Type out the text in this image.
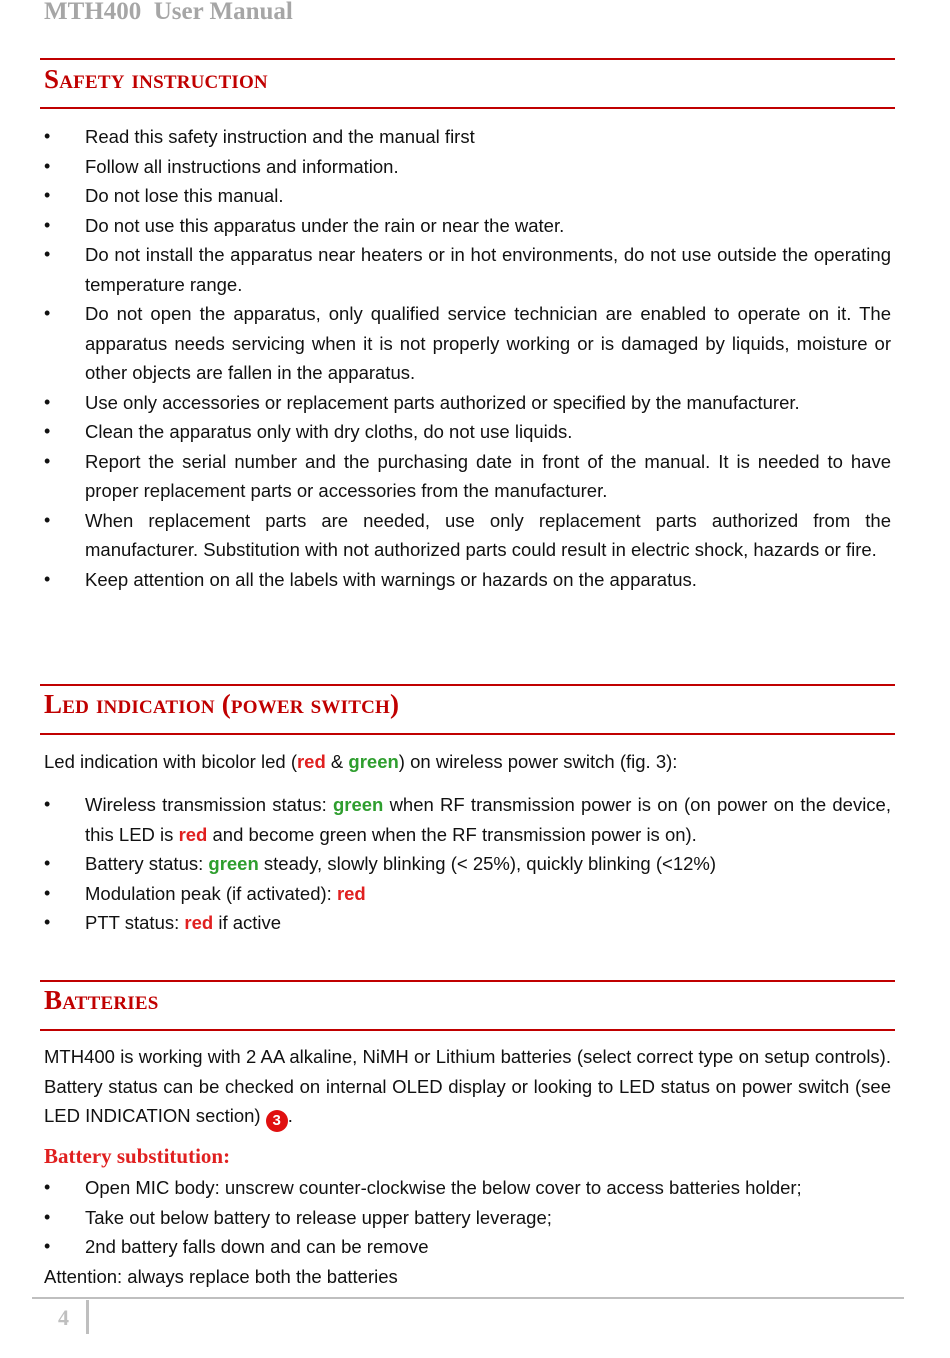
MTH400  User Manual
Safety instruction
• Read this safety instruction and the manual first
• Follow all instructions and information.
• Do not lose this manual.
• Do not use this apparatus under the rain or near the water.
• Do not install the apparatus near heaters or in hot environments, do not use outside the operating temperature range.
• Do not open the apparatus, only qualified service technician are enabled to operate on it. The apparatus needs servicing when it is not properly working or is damaged by liquids, moisture or other objects are fallen in the apparatus.
• Use only accessories or replacement parts authorized or specified by the manufacturer.
• Clean the apparatus only with dry cloths, do not use liquids.
• Report the serial number and the purchasing date in front of the manual. It is needed to have proper replacement parts or accessories from the manufacturer.
• When replacement parts are needed, use only replacement parts authorized from the manufacturer. Substitution with not authorized parts could result in electric shock, hazards or fire.
• Keep attention on all the labels with warnings or hazards on the apparatus.
Led indication (power switch)

Led indication with bicolor led (red & green) on wireless power switch (fig. 3):

• Wireless transmission status: green when RF transmission power is on (on power on the device, this LED is red and become green when the RF transmission power is on).
• Battery status: green steady, slowly blinking (< 25%), quickly blinking (<12%)
• Modulation peak (if activated): red
• PTT status: red if active
Batteries

MTH400 is working with 2 AA alkaline, NiMH or Lithium batteries (select correct type on setup controls). Battery status can be checked on internal OLED display or looking to LED status on power switch (see LED INDICATION section) 3 .

Battery substitution:
• Open MIC body: unscrew counter-clockwise the below cover to access batteries holder;
• Take out below battery to release upper battery leverage;
• 2nd battery falls down and can be remove

Attention: always replace both the batteries

4
